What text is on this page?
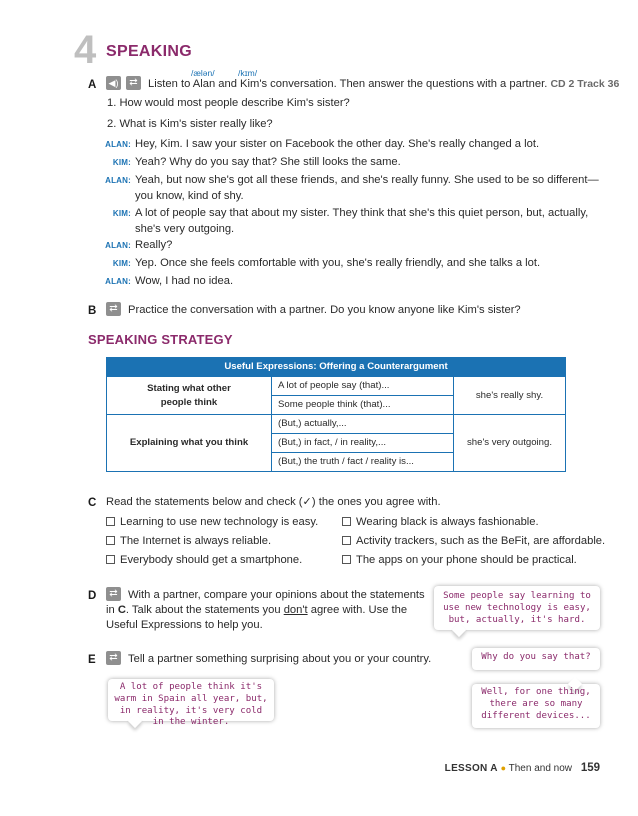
4 SPEAKING
/ælən/	/kɪm/
A ◀)	⇄ Listen to Alan and Kim's conversation. Then answer the questions with a partner. CD 2 Track 36
1. How would most people describe Kim's sister?
2. What is Kim's sister really like?
ALAN: Hey, Kim. I saw your sister on Facebook the other day. She's really changed a lot.
KIM: Yeah? Why do you say that? She still looks the same.
ALAN: Yeah, but now she's got all these friends, and she's really funny. She used to be so different—you know, kind of shy.
KIM: A lot of people say that about my sister. They think that she's this quiet person, but, actually, she's very outgoing.
ALAN: Really?
KIM: Yep. Once she feels comfortable with you, she's really friendly, and she talks a lot.
ALAN: Wow, I had no idea.
B	⇄ Practice the conversation with a partner. Do you know anyone like Kim's sister?
SPEAKING STRATEGY
Useful Expressions: Offering a Counterargument		
Stating what other people think	A lot of people say (that)...	she's really shy.
	Some people think (that)...	
Explaining what you think	(But,) actually,...	she's very outgoing.
	(But,) in fact, / in reality,...	
	(But,) the truth / fact / reality is...	
C Read the statements below and check (✓) the ones you agree with.
Learning to use new technology is easy.
The Internet is always reliable.
Everybody should get a smartphone.
Wearing black is always fashionable.
Activity trackers, such as the BeFit, are affordable.
The apps on your phone should be practical.
D	⇄ With a partner, compare your opinions about the statements
in C. Talk about the statements you don't agree with. Use the
Useful Expressions to help you.
Some people say learning to use new technology is easy, but, actually, it's hard.
E	⇄ Tell a partner something surprising about you or your country.	Why do you say that?
A lot of people think it's warm in Spain all year, but, in reality, it's very cold in the winter.
Well, for one thing, there are so many different devices...
LESSON A ● Then and now 159
